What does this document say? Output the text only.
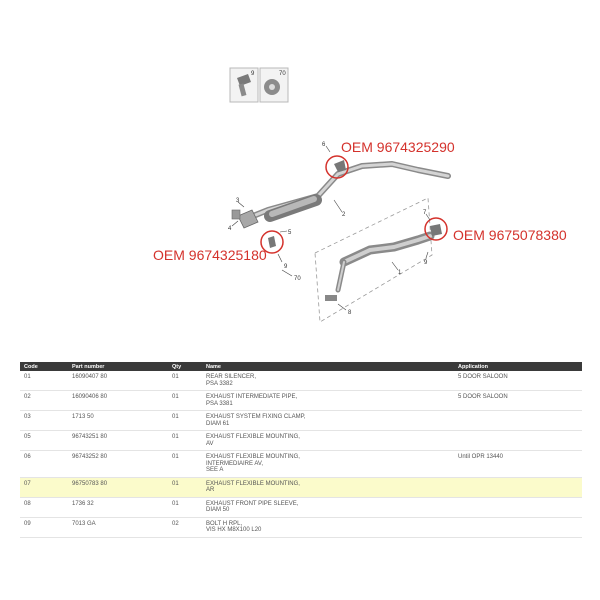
9	70
2
1
3
4
5
6
7
8
9
9
70
OEM 9674325290
OEM 9674325180
OEM 9675078380
Code	Part number	Qty	Name	Application
01	16090407 80	01	REAR SILENCER,
PSA 3382	5 DOOR SALOON
02	16090406 80	01	EXHAUST INTERMEDIATE PIPE,
PSA 3381	5 DOOR SALOON
03	1713 50	01	EXHAUST SYSTEM FIXING CLAMP,
DIAM 61	

05	96743251 80	01	EXHAUST FLEXIBLE MOUNTING,
AV	

06	96743252 80	01	EXHAUST FLEXIBLE MOUNTING,
INTERMEDIAIRE AV,
SEE A	Until OPR 13440
07	96750783 80	01	EXHAUST FLEXIBLE MOUNTING,
AR	

08	1736 32	01	EXHAUST FRONT PIPE SLEEVE,
DIAM 50	

09	7013 GA	02	BOLT H RPL,
VIS HX M8X100 L20	
